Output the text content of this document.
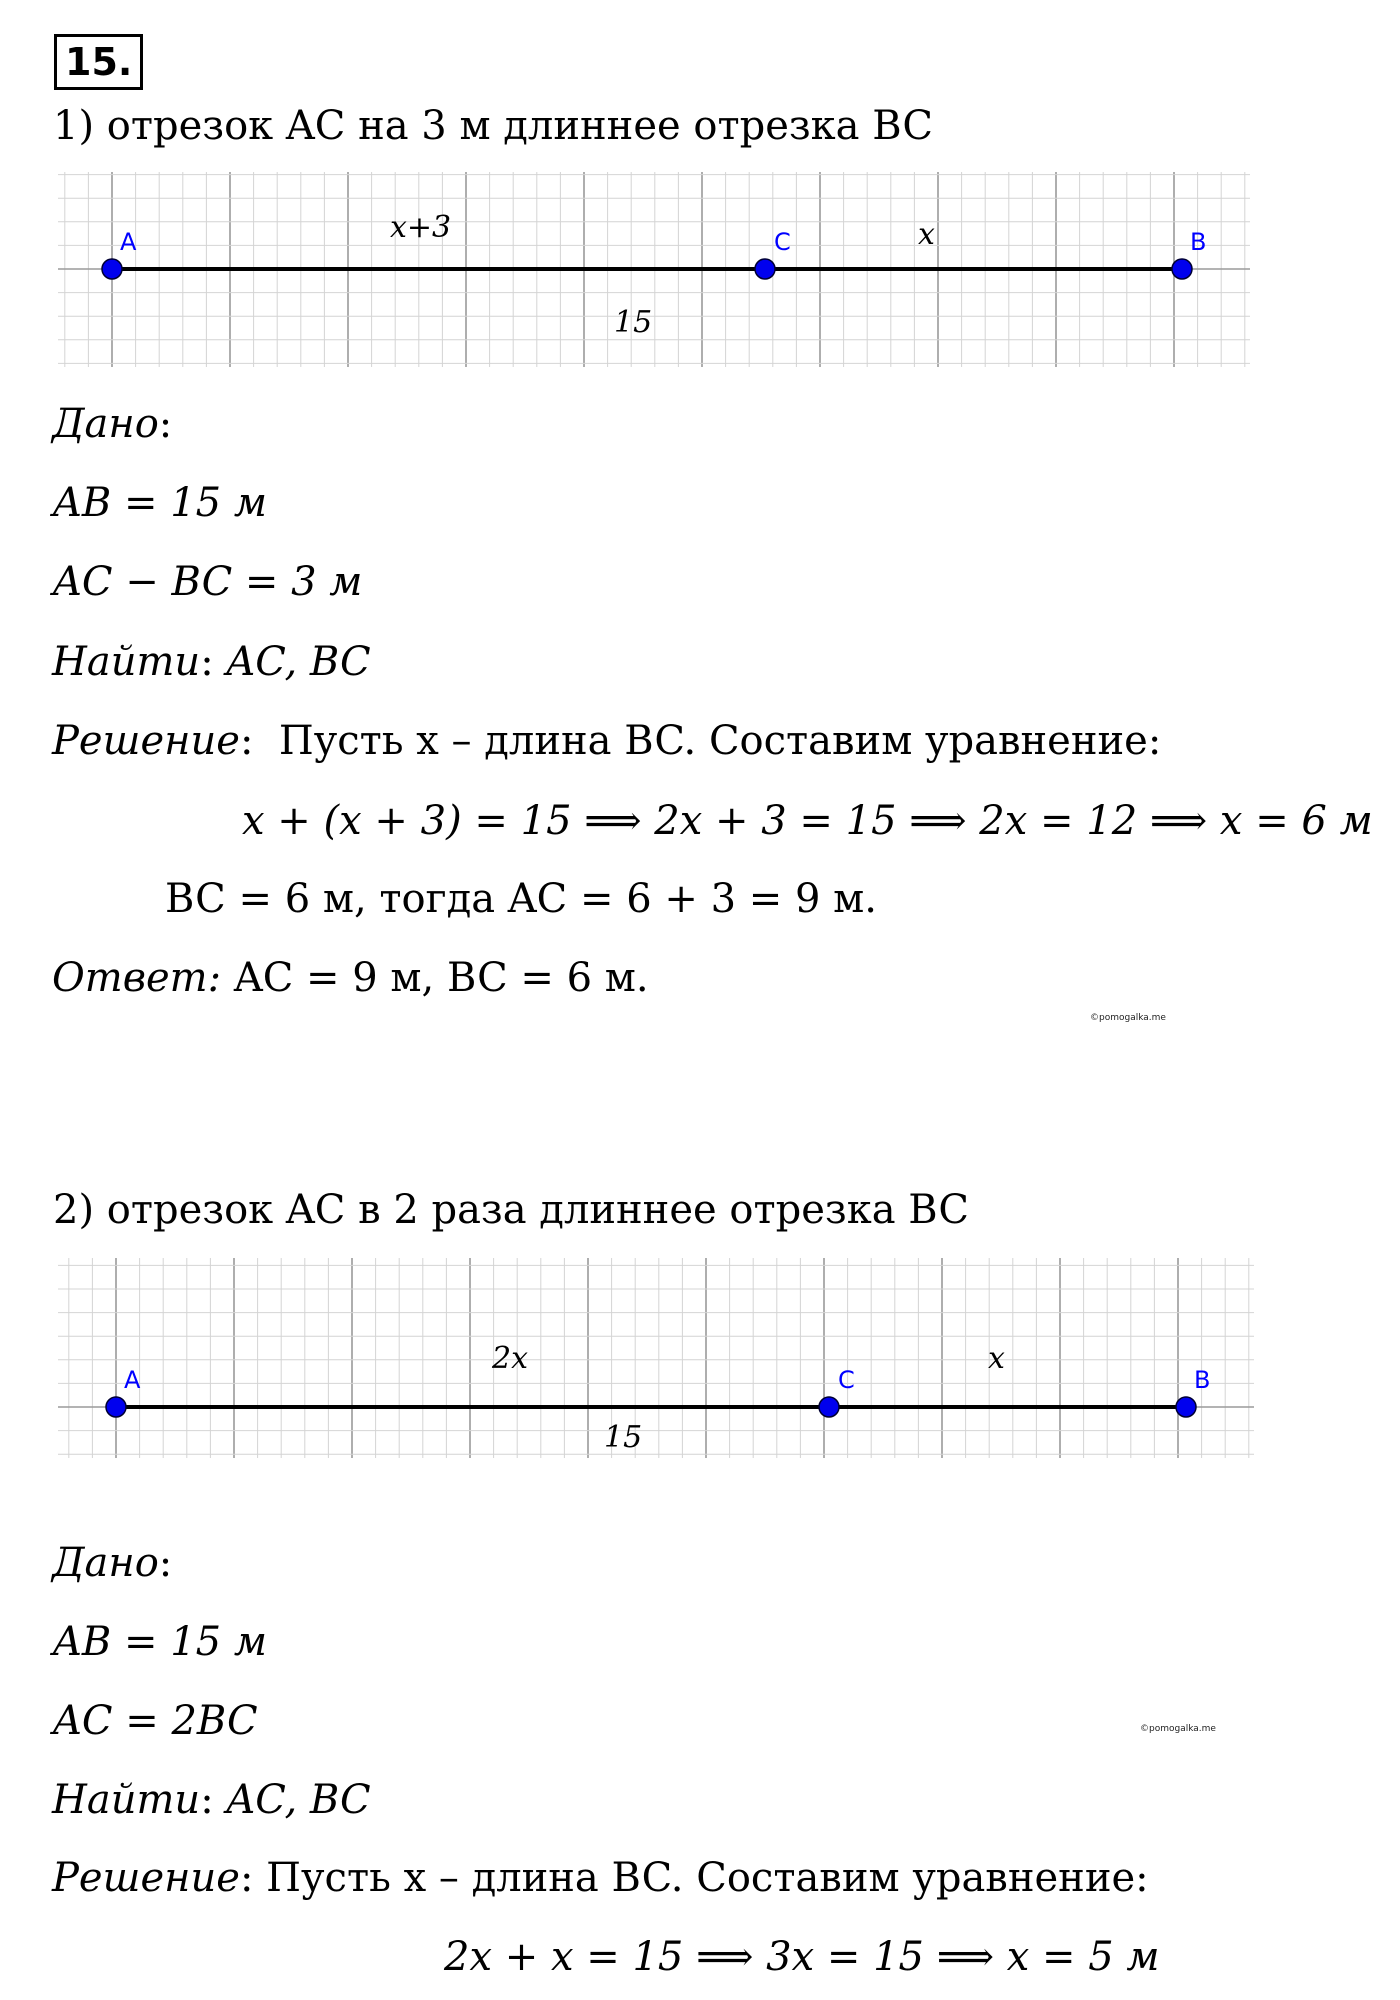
15.
1) отрезок AC на 3 м длиннее отрезка BC
A	C	B
x+3	x
15
Дано:
AB = 15 м
AC − BC = 3 м
Найти: AC, BC
Решение:  Пусть x – длина BC. Составим уравнение:
x + (x + 3) = 15 ⟹ 2x + 3 = 15 ⟹ 2x = 12 ⟹ x = 6 м
BC = 6 м, тогда AC = 6 + 3 = 9 м.
Ответ: AC = 9 м, BC = 6 м.
©pomogalka.me
2) отрезок AC в 2 раза длиннее отрезка BC
A	C	B
2x	x
15
Дано:
AB = 15 м
AC = 2BC	©pomogalka.me
Найти: AC, BC
Решение: Пусть x – длина BC. Составим уравнение:
2x + x = 15 ⟹ 3x = 15 ⟹ x = 5 м
